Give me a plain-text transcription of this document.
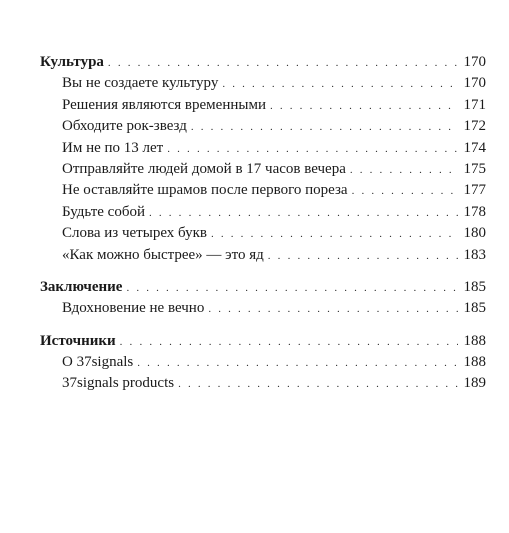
Культура . . .	170
Вы не создаете культуру . . .	170
Решения являются временными . . .	171
Обходите рок-звезд . . .	172
Им не по 13 лет . . .	174
Отправляйте людей домой в 17 часов вечера . . .	175
Не оставляйте шрамов после первого пореза . . .	177
Будьте собой . . .	178
Слова из четырех букв . . .	180
«Как можно быстрее» — это яд . . .	183
Заключение . . .	185
Вдохновение не вечно . . .	185
Источники . . .	188
О 37signals . . .	188
37signals products . . .	189
